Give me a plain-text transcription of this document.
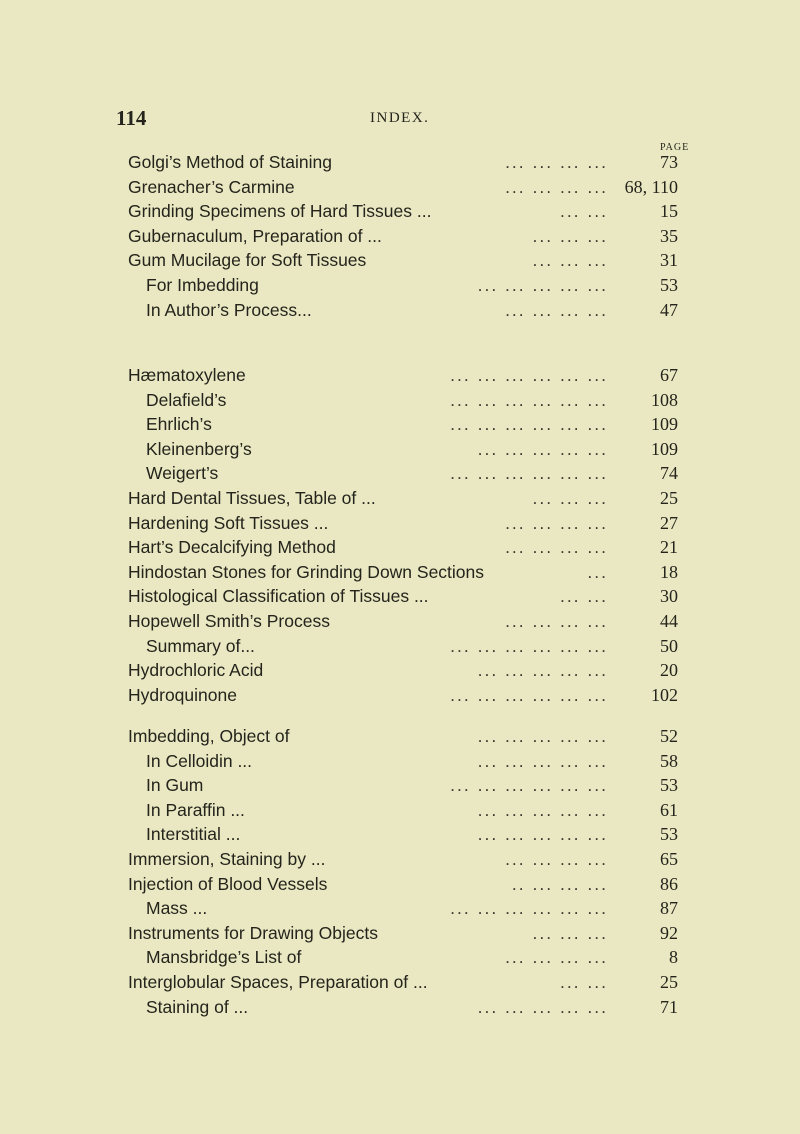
114	INDEX.
PAGE
Golgi’s Method of Staining	... ... ... ...	73
Grenacher’s Carmine	... ... ... ... 68, 110
Grinding Specimens of Hard Tissues ...	... ...	15
Gubernaculum, Preparation of ...	... ... ...	35
Gum Mucilage for Soft Tissues	... ... ...	31
For Imbedding	... ... ... ... ...	53
In Author’s Process...	... ... ... ...	47
Hæmatoxylene	... ... ... ... ... ...	67
Delafield’s	... ... ... ... ... ...	108
Ehrlich’s	... ... ... ... ... ...	109
Kleinenberg’s	... ... ... ... ...	109
Weigert’s	... ... ... ... ... ...	74
Hard Dental Tissues, Table of ...	... ... ...	25
Hardening Soft Tissues ...	... ... ... ...	27
Hart’s Decalcifying Method	... ... ... ...	21
Hindostan Stones for Grinding Down Sections	...	18
Histological Classification of Tissues ...	... ...	30
Hopewell Smith’s Process	... ... ... ...	44
Summary of...	... ... ... ... ... ...	50
Hydrochloric Acid	... ... ... ... ...	20
Hydroquinone	... ... ... ... ... ...	102
Imbedding, Object of	... ... ... ... ...	52
In Celloidin ...	... ... ... ... ...	58
In Gum	... ... ... ... ... ...	53
In Paraffin ...	... ... ... ... ...	61
Interstitial ...	... ... ... ... ...	53
Immersion, Staining by ...	... ... ... ...	65
Injection of Blood Vessels	.. ... ... ...	86
Mass ...	... ... ... ... ... ...	87
Instruments for Drawing Objects	... ... ...	92
Mansbridge’s List of	... ... ... ...	8
Interglobular Spaces, Preparation of ...	... ...	25
Staining of ...	... ... ... ... ...	71
